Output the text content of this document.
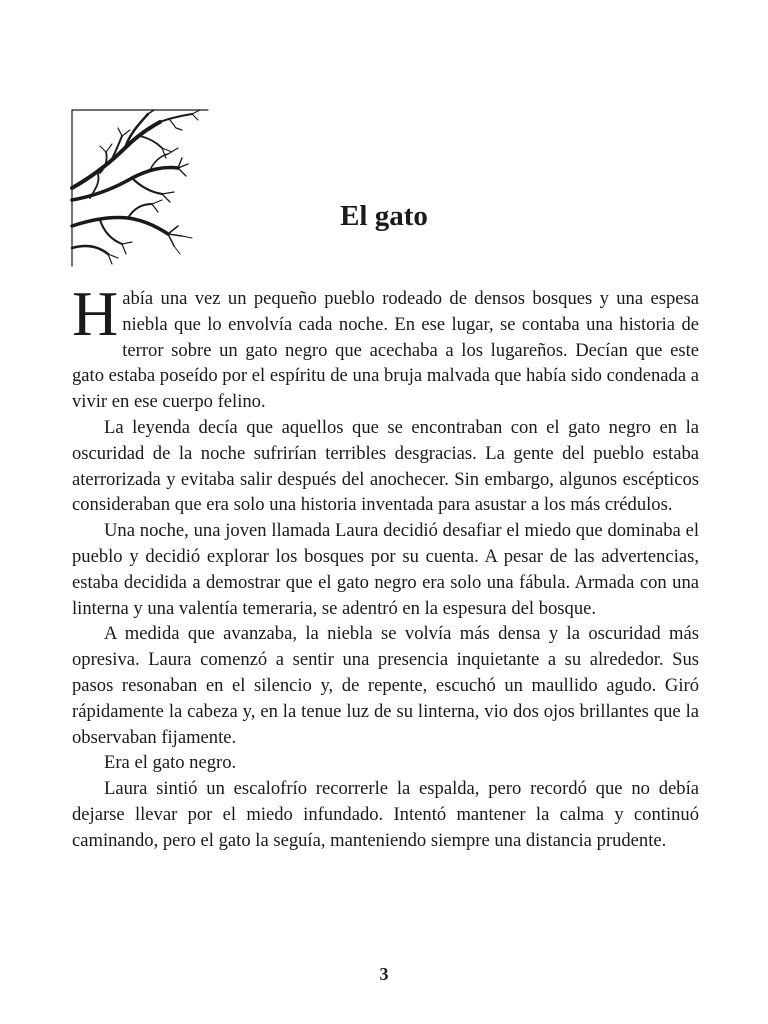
El gato

Había una vez un pequeño pueblo rodeado de densos bosques y una espesa niebla que lo envolvía cada noche. En ese lugar, se contaba una historia de terror sobre un gato negro que acechaba a los lugareños. Decían que este gato estaba poseído por el espíritu de una bruja malvada que había sido condenada a vivir en ese cuerpo felino.

La leyenda decía que aquellos que se encontraban con el gato negro en la oscuridad de la noche sufrirían terribles desgracias. La gente del pueblo estaba aterrorizada y evitaba salir después del anochecer. Sin embargo, algunos escépticos consideraban que era solo una historia inventada para asustar a los más crédulos.

Una noche, una joven llamada Laura decidió desafiar el miedo que dominaba el pueblo y decidió explorar los bosques por su cuenta. A pesar de las advertencias, estaba decidida a demostrar que el gato negro era solo una fábula. Armada con una linterna y una valentía temeraria, se adentró en la espesura del bosque.

A medida que avanzaba, la niebla se volvía más densa y la oscuridad más opresiva. Laura comenzó a sentir una presencia inquietante a su alrededor. Sus pasos resonaban en el silencio y, de repente, escuchó un maullido agudo. Giró rápidamente la cabeza y, en la tenue luz de su linterna, vio dos ojos brillantes que la observaban fijamente.

Era el gato negro.

Laura sintió un escalofrío recorrerle la espalda, pero recordó que no debía dejarse llevar por el miedo infundado. Intentó mantener la calma y continuó caminando, pero el gato la seguía, manteniendo siempre una distancia prudente.

3
